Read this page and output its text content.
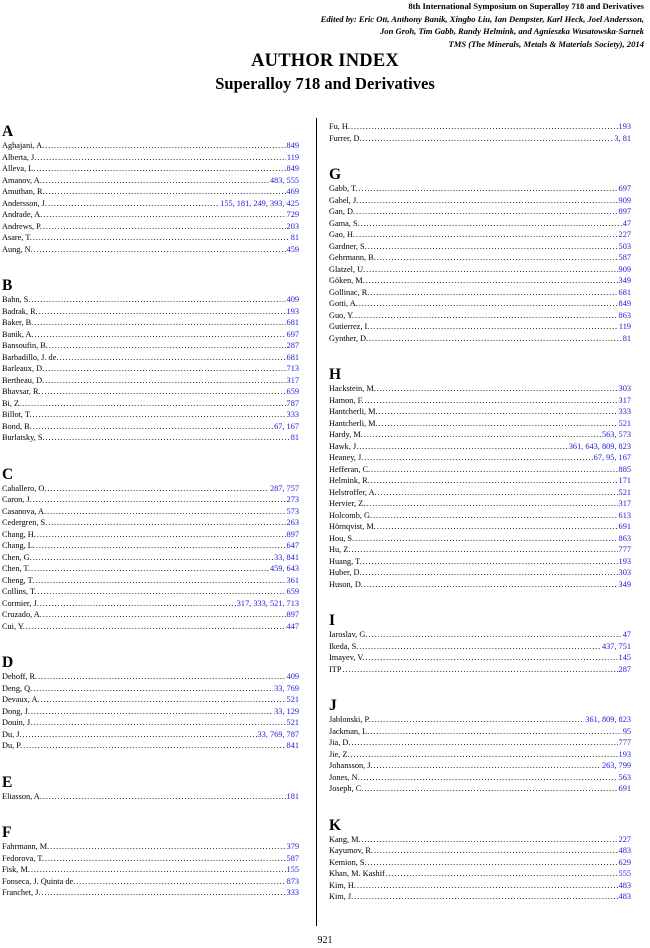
8th International Symposium on Superalloy 718 and Derivatives
Edited by: Eric Ott, Anthony Banik, Xingbo Liu, Ian Dempster, Karl Heck, Joel Andersson,
Jon Groh, Tim Gabb, Randy Helmink, and Agnieszka Wusatowska-Sarnek
TMS (The Minerals, Metals & Materials Society), 2014
AUTHOR INDEX
Superalloy 718 and Derivatives
A
Aghajani, A. . . .	849
Alberta, J. . . .	119
Alleva, L. . . .	849
Amanov, A. . . .	483, 555
Amuthan, R. . . .	469
Andersson, J. . . .	155, 181, 249, 393, 425
Andrade, A. . . .	729
Andrews, P. . . .	203
Asare, T. . . .	81
Aung, N. . . .	459
B
Bahn, S. . . .	409
Badrak, R. . . .	193
Baker, B. . . .	681
Banik, A. . . .	697
Bansoufin, B. . . .	287
Barbadillo, J. de. . . .	681
Barleaux, D. . . .	713
Bertheau, D. . . .	317
Bhavsar, R. . . .	659
Bi, Z. . . .	787
Billot, T. . . .	333
Bond, B. . . .	67, 167
Burlatsky, S. . . .	81
C
Caballero, O. . . .	287, 757
Caron, J. . . .	273
Casanova, A. . . .	573
Cedergren, S. . . .	263
Chang, H. . . .	897
Chang, L. . . .	647
Chen, G. . . .	33, 841
Chen, T. . . .	459, 643
Cheng, T. . . .	361
Collins, T. . . .	659
Cormier, J. . . .	317, 333, 521, 713
Cruzado, A. . . .	897
Cui, Y. . . .	447
D
Dehoff, R. . . .	409
Deng, Q. . . .	33, 769
Devaux, A. . . .	521
Dong, J. . . .	33, 129
Douin, J. . . .	521
Du, J. . . .	33, 769, 787
Du, P. . . .	841
E
Eliasson, A. . . .	181
F
Fahrmann, M. . . .	379
Fedorova, T. . . .	587
Fisk, M. . . .	155
Fonseca, J. Quinta de. . . .	873
Franchet, J. . . .	333
Fu, H. . . .	193
Furrer, D. . . .	3, 81
G
Gabb, T. . . .	697
Gabel, J. . . .	909
Gan, D. . . .	897
Gama, S. . . .	47
Gao, H. . . .	227
Gardner, S. . . .	503
Gehrmann, B. . . .	587
Glatzel, U. . . .	909
Göken, M. . . .	349
Gollinac, R. . . .	681
Gotti, A. . . .	849
Guo, Y. . . .	863
Gutierrez, I. . . .	119
Gynther, D. . . .	81
H
Hackstein, M. . . .	303
Hamon, F. . . .	317
Hantcherli, M. . . .	333
Hantcherli, M. . . .	521
Hardy, M. . . .	563, 573
Hawk, J. . . .	361, 643, 809, 823
Heaney, J. . . .	67, 95, 167
Hefferan, C. . . .	885
Helmink, R. . . .	171
Helstroffer, A. . . .	521
Hervier, Z. . . .	317
Holcomb, G. . . .	613
Hörnqvist, M. . . .	691
Hou, S. . . .	863
Hu, Z. . . .	777
Huang, T. . . .	193
Huber, D. . . .	303
Huson, D. . . .	349
I
Iaroslav, G. . . .	47
Ikeda, S. . . .	437, 751
Imayev, V. . . .	145
ITP . . .	287
J
Jablonski, P. . . .	361, 809, 823
Jackman, L. . . .	95
Jia, D. . . .	777
Jie, Z. . . .	193
Johansson, J. . . .	263, 799
Jones, N. . . .	563
Joseph, C. . . .	691
K
Kang, M. . . .	227
Kayumov, R. . . .	483
Kemion, S. . . .	629
Khan, M. Kashif . . .	555
Kim, H. . . .	483
Kim, J. . . .	483
921
